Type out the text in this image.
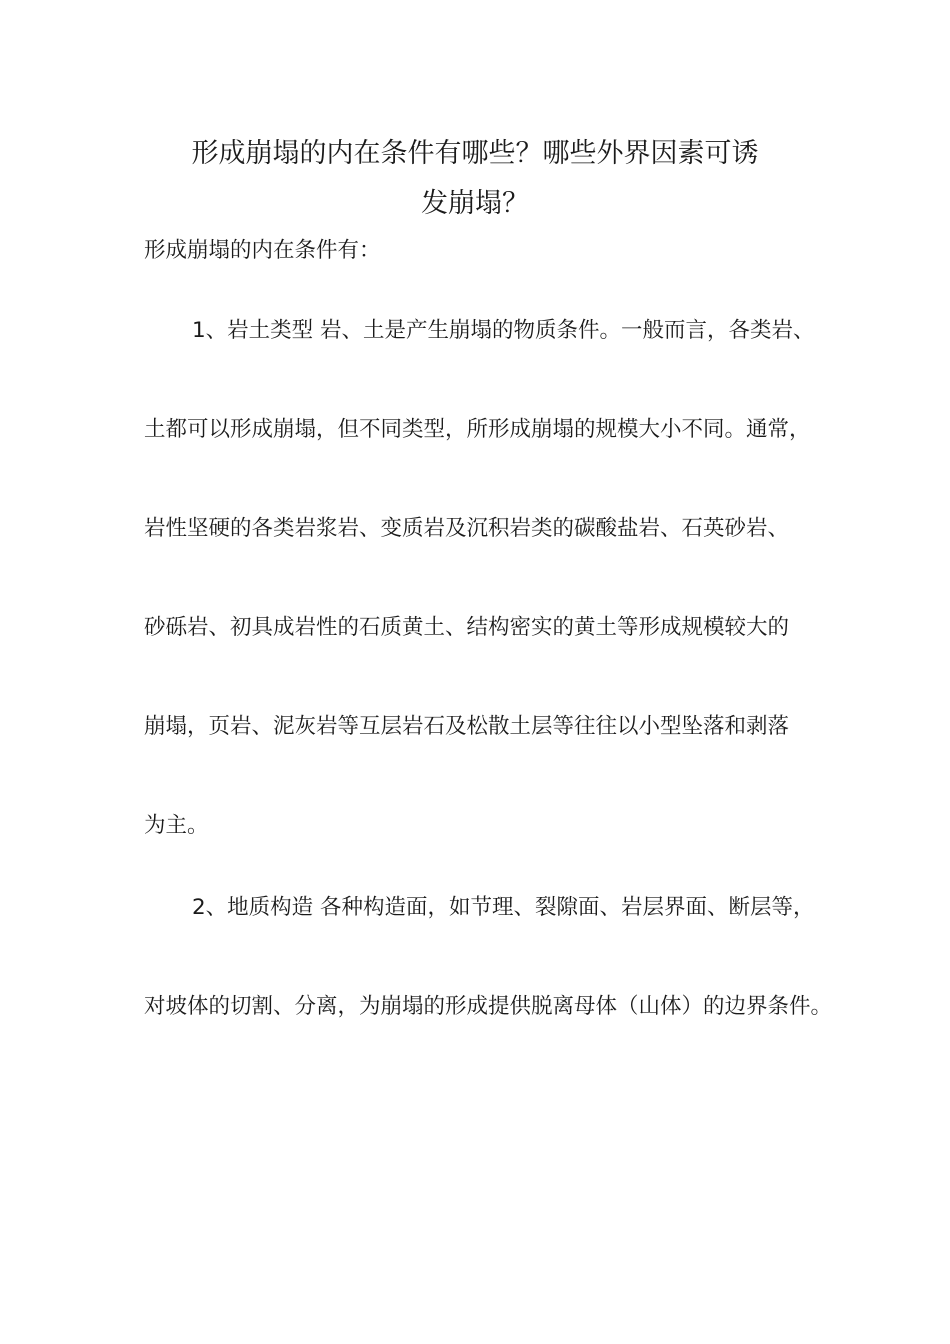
形成崩塌的内在条件有哪些？哪些外界因素可诱
发崩塌？

形成崩塌的内在条件有：

1、岩土类型 岩、土是产生崩塌的物质条件。一般而言，各类岩、

土都可以形成崩塌，但不同类型，所形成崩塌的规模大小不同。通常，

岩性坚硬的各类岩浆岩、变质岩及沉积岩类的碳酸盐岩、石英砂岩、

砂砾岩、初具成岩性的石质黄土、结构密实的黄土等形成规模较大的

崩塌，页岩、泥灰岩等互层岩石及松散土层等往往以小型坠落和剥落

为主。

2、地质构造 各种构造面，如节理、裂隙面、岩层界面、断层等，

对坡体的切割、分离，为崩塌的形成提供脱离母体（山体）的边界条件。
